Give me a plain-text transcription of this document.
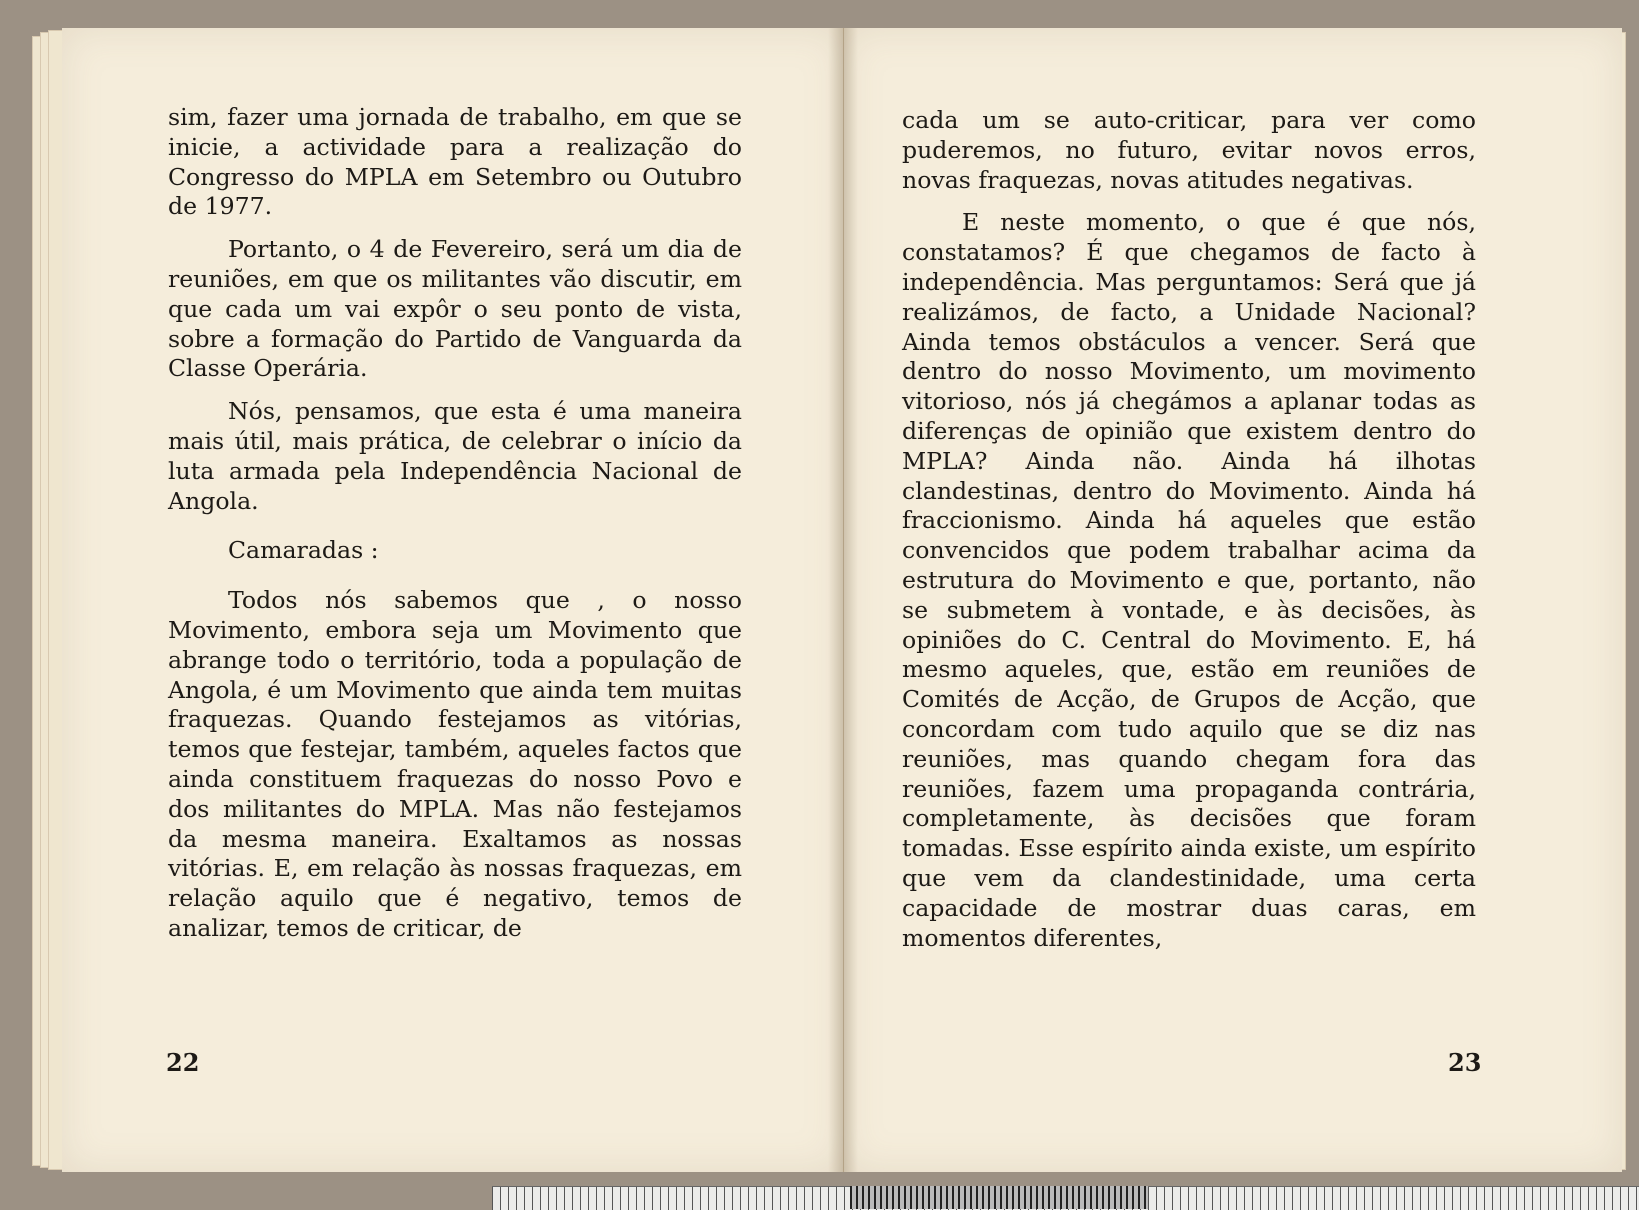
sim, fazer uma jornada de trabalho, em que se inicie, a actividade para a realização do Congresso do MPLA em Setembro ou Outubro de 1977.

Portanto, o 4 de Fevereiro, será um dia de reuniões, em que os militantes vão discutir, em que cada um vai expôr o seu ponto de vista, sobre a formação do Partido de Vanguarda da Classe Operária.

Nós, pensamos, que esta é uma maneira mais útil, mais prática, de celebrar o início da luta armada pela Independência Nacional de Angola.

Camaradas :

Todos nós sabemos que , o nosso Movimento, embora seja um Movimento que abrange todo o território, toda a população de Angola, é um Movimento que ainda tem muitas fraquezas. Quando festejamos as vitórias, temos que festejar, também, aqueles factos que ainda constituem fraquezas do nosso Povo e dos militantes do MPLA. Mas não festejamos da mesma maneira. Exaltamos as nossas vitórias. E, em relação às nossas fraquezas, em relação aquilo que é negativo, temos de analizar, temos de criticar, de

cada um se auto-criticar, para ver como puderemos, no futuro, evitar novos erros, novas fraquezas, novas atitudes negativas.

E neste momento, o que é que nós, constatamos? É que chegamos de facto à independência. Mas perguntamos: Será que já realizámos, de facto, a Unidade Nacional? Ainda temos obstáculos a vencer. Será que dentro do nosso Movimento, um movimento vitorioso, nós já chegámos a aplanar todas as diferenças de opinião que existem dentro do MPLA? Ainda não. Ainda há ilhotas clandestinas, dentro do Movimento. Ainda há fraccionismo. Ainda há aqueles que estão convencidos que podem trabalhar acima da estrutura do Movimento e que, portanto, não se submetem à vontade, e às decisões, às opiniões do C. Central do Movimento. E, há mesmo aqueles, que, estão em reuniões de Comités de Acção, de Grupos de Acção, que concordam com tudo aquilo que se diz nas reuniões, mas quando chegam fora das reuniões, fazem uma propaganda contrária, completamente, às decisões que foram tomadas. Esse espírito ainda existe, um espírito que vem da clandestinidade, uma certa capacidade de mostrar duas caras, em momentos diferentes,

22	23
